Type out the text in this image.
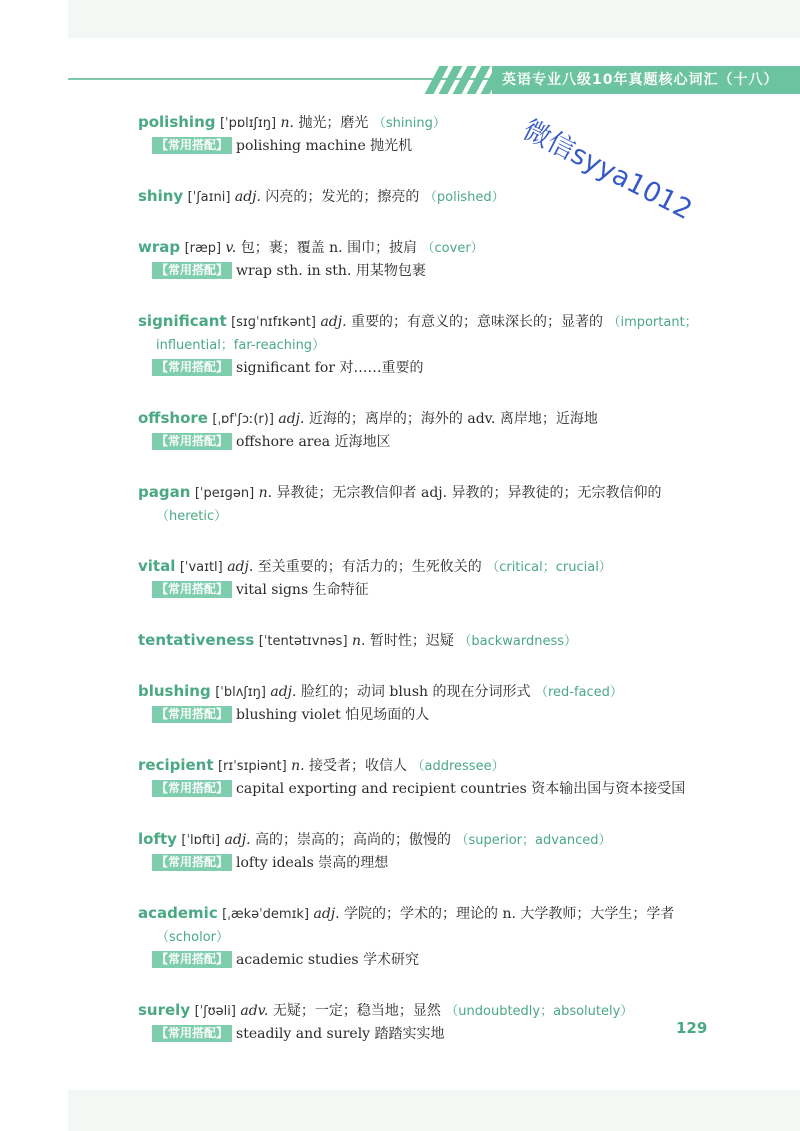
英语专业八级10年真题核心词汇（十八）
微信syya1012
polishing [ˈpɒlɪʃɪŋ] n. 抛光；磨光 （shining）
【常用搭配】 polishing machine 抛光机
shiny [ˈʃaɪni] adj. 闪亮的；发光的；擦亮的 （polished）
wrap [ræp] v. 包；裹；覆盖 n. 围巾；披肩 （cover）
【常用搭配】 wrap sth. in sth. 用某物包裹
significant [sɪɡˈnɪfɪkənt] adj. 重要的；有意义的；意味深长的；显著的 （important；
influential；far-reaching）
【常用搭配】 significant for 对……重要的
offshore [ˌɒfˈʃɔː(r)] adj. 近海的；离岸的；海外的 adv. 离岸地；近海地
【常用搭配】 offshore area 近海地区
pagan [ˈpeɪɡən] n. 异教徒；无宗教信仰者 adj. 异教的；异教徒的；无宗教信仰的
（heretic）
vital [ˈvaɪtl] adj. 至关重要的；有活力的；生死攸关的 （critical；crucial）
【常用搭配】 vital signs 生命特征
tentativeness [ˈtentətɪvnəs] n. 暂时性；迟疑 （backwardness）
blushing [ˈblʌʃɪŋ] adj. 脸红的；动词 blush 的现在分词形式 （red-faced）
【常用搭配】 blushing violet 怕见场面的人
recipient [rɪˈsɪpiənt] n. 接受者；收信人 （addressee）
【常用搭配】 capital exporting and recipient countries 资本输出国与资本接受国
lofty [ˈlɒfti] adj. 高的；崇高的；高尚的；傲慢的 （superior；advanced）
【常用搭配】 lofty ideals 崇高的理想
academic [ˌækəˈdemɪk] adj. 学院的；学术的；理论的 n. 大学教师；大学生；学者
（scholor）
【常用搭配】 academic studies 学术研究
surely [ˈʃʊəli] adv. 无疑；一定；稳当地；显然 （undoubtedly；absolutely）
【常用搭配】 steadily and surely 踏踏实实地	129
